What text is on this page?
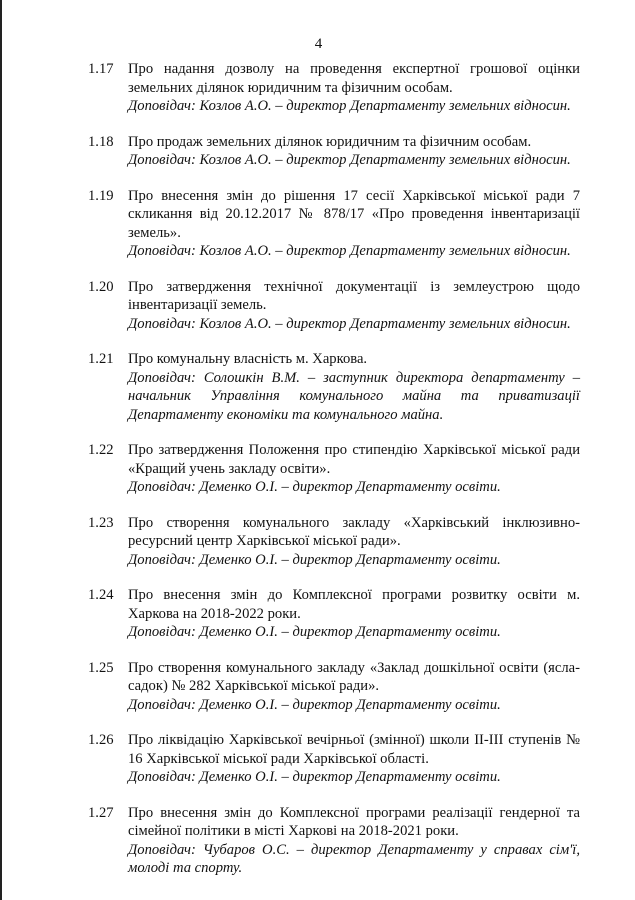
4
1.17 Про надання дозволу на проведення експертної грошової оцінки земельних ділянок юридичним та фізичним особам.
Доповідач: Козлов А.О. – директор Департаменту земельних відносин.
1.18 Про продаж земельних ділянок юридичним та фізичним особам.
Доповідач: Козлов А.О. – директор Департаменту земельних відносин.
1.19 Про внесення змін до рішення 17 сесії Харківської міської ради 7 скликання від 20.12.2017 № 878/17 «Про проведення інвентаризації земель».
Доповідач: Козлов А.О. – директор Департаменту земельних відносин.
1.20 Про затвердження технічної документації із землеустрою щодо інвентаризації земель.
Доповідач: Козлов А.О. – директор Департаменту земельних відносин.
1.21 Про комунальну власність м. Харкова.
Доповідач: Солошкін В.М. – заступник директора департаменту – начальник Управління комунального майна та приватизації Департаменту економіки та комунального майна.
1.22 Про затвердження Положення про стипендію Харківської міської ради «Кращий учень закладу освіти».
Доповідач: Деменко О.І. – директор Департаменту освіти.
1.23 Про створення комунального закладу «Харківський інклюзивно-ресурсний центр Харківської міської ради».
Доповідач: Деменко О.І. – директор Департаменту освіти.
1.24 Про внесення змін до Комплексної програми розвитку освіти м. Харкова на 2018-2022 роки.
Доповідач: Деменко О.І. – директор Департаменту освіти.
1.25 Про створення комунального закладу «Заклад дошкільної освіти (ясла-садок) № 282 Харківської міської ради».
Доповідач: Деменко О.І. – директор Департаменту освіти.
1.26 Про ліквідацію Харківської вечірньої (змінної) школи ІІ-ІІІ ступенів № 16 Харківської міської ради Харківської області.
Доповідач: Деменко О.І. – директор Департаменту освіти.
1.27 Про внесення змін до Комплексної програми реалізації гендерної та сімейної політики в місті Харкові на 2018-2021 роки.
Доповідач: Чубаров О.С. – директор Департаменту у справах сім'ї, молоді та спорту.
